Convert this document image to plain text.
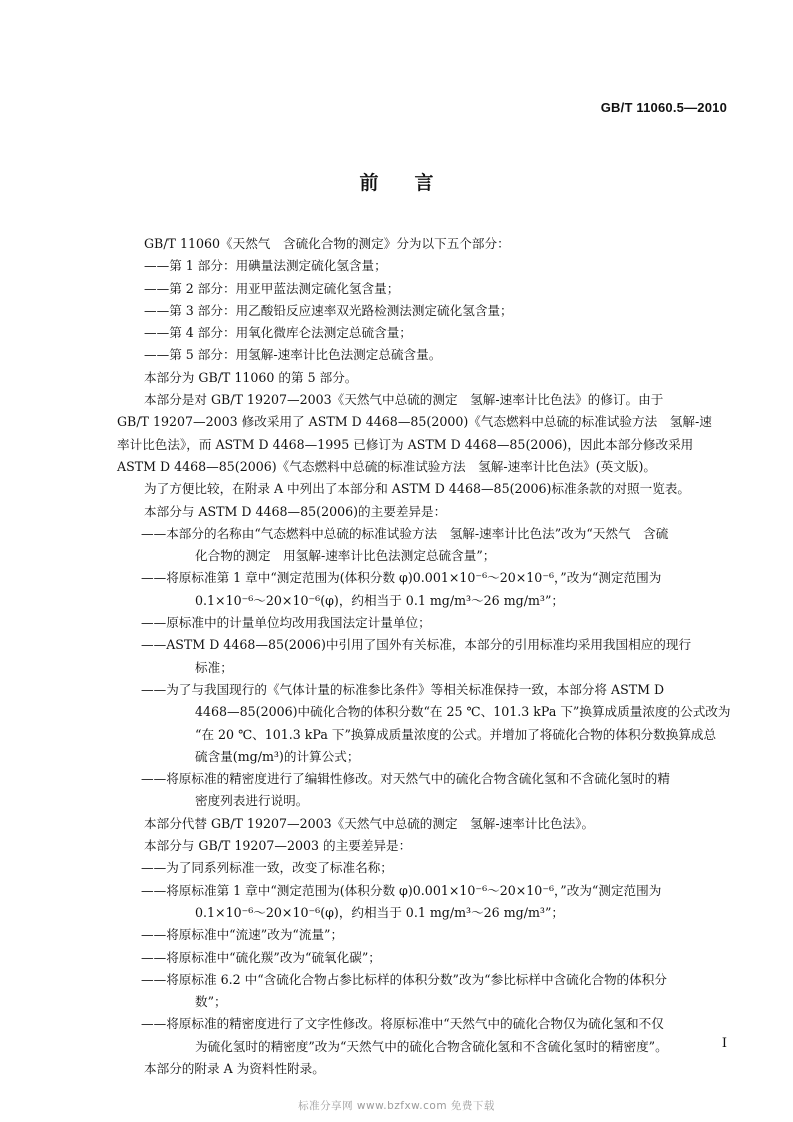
GB/T 11060.5—2010
前言

GB/T 11060《天然气　含硫化合物的测定》分为以下五个部分：

——第 1 部分：用碘量法测定硫化氢含量；

——第 2 部分：用亚甲蓝法测定硫化氢含量；

——第 3 部分：用乙酸铅反应速率双光路检测法测定硫化氢含量；

——第 4 部分：用氧化微库仑法测定总硫含量；

——第 5 部分：用氢解-速率计比色法测定总硫含量。

本部分为 GB/T 11060 的第 5 部分。

本部分是对 GB/T 19207—2003《天然气中总硫的测定　氢解-速率计比色法》的修订。由于

GB/T 19207—2003 修改采用了 ASTM D 4468—85(2000)《气态燃料中总硫的标准试验方法　氢解-速

率计比色法》，而 ASTM D 4468—1995 已修订为 ASTM D 4468—85(2006)，因此本部分修改采用

ASTM D 4468—85(2006)《气态燃料中总硫的标准试验方法　氢解-速率计比色法》(英文版)。

为了方便比较，在附录 A 中列出了本部分和 ASTM D 4468—85(2006)标准条款的对照一览表。

本部分与 ASTM D 4468—85(2006)的主要差异是：

——本部分的名称由“气态燃料中总硫的标准试验方法　氢解-速率计比色法”改为“天然气　含硫
化合物的测定　用氢解-速率计比色法测定总硫含量”；

——将原标准第 1 章中“测定范围为(体积分数 φ)0.001×10⁻⁶～20×10⁻⁶，”改为“测定范围为
0.1×10⁻⁶～20×10⁻⁶(φ)，约相当于 0.1 mg/m³～26 mg/m³”；

——原标准中的计量单位均改用我国法定计量单位；

——ASTM D 4468—85(2006)中引用了国外有关标准，本部分的引用标准均采用我国相应的现行
标准；

——为了与我国现行的《气体计量的标准参比条件》等相关标准保持一致，本部分将 ASTM D
4468—85(2006)中硫化合物的体积分数“在 25 ℃、101.3 kPa 下”换算成质量浓度的公式改为
“在 20 ℃、101.3 kPa 下”换算成质量浓度的公式。并增加了将硫化合物的体积分数换算成总
硫含量(mg/m³)的计算公式；

——将原标准的精密度进行了编辑性修改。对天然气中的硫化合物含硫化氢和不含硫化氢时的精
密度列表进行说明。

本部分代替 GB/T 19207—2003《天然气中总硫的测定　氢解-速率计比色法》。

本部分与 GB/T 19207—2003 的主要差异是：

——为了同系列标准一致，改变了标准名称；

——将原标准第 1 章中“测定范围为(体积分数 φ)0.001×10⁻⁶～20×10⁻⁶，”改为“测定范围为
0.1×10⁻⁶～20×10⁻⁶(φ)，约相当于 0.1 mg/m³～26 mg/m³”；

——将原标准中“流速”改为“流量”；

——将原标准中“硫化羰”改为“硫氧化碳”；

——将原标准 6.2 中“含硫化合物占参比标样的体积分数”改为“参比标样中含硫化合物的体积分
数”；

——将原标准的精密度进行了文字性修改。将原标准中“天然气中的硫化合物仅为硫化氢和不仅
为硫化氢时的精密度”改为“天然气中的硫化合物含硫化氢和不含硫化氢时的精密度”。

本部分的附录 A 为资料性附录。

I
标准分享网 www.bzfxw.com 免费下载
